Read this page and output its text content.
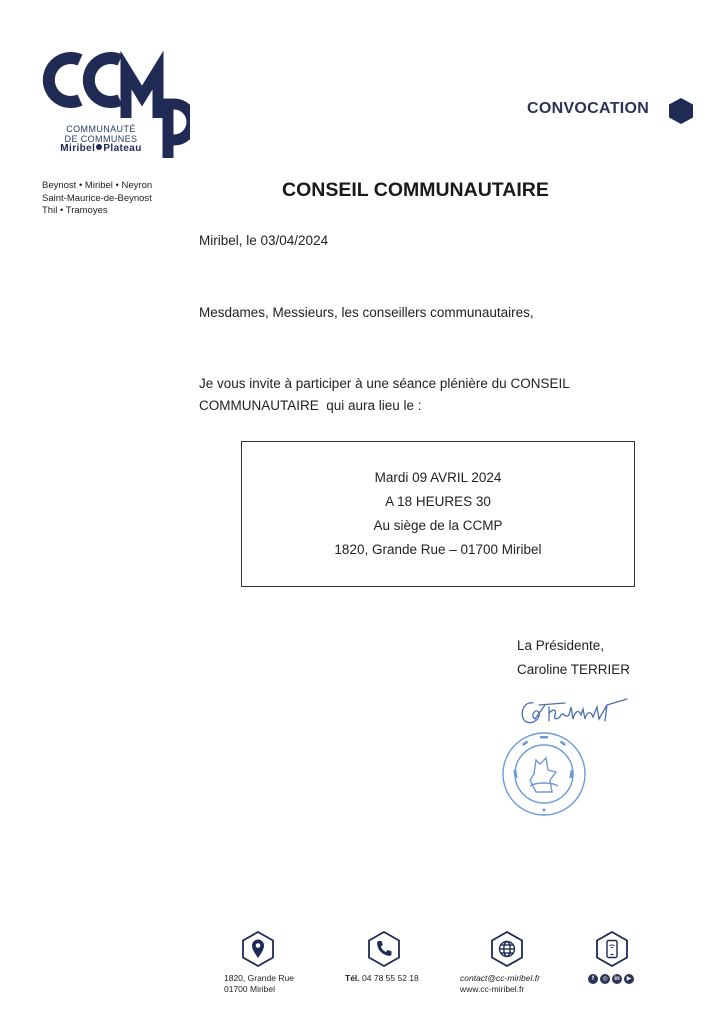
COMMUNAUTÉ
DE COMMUNES
Miribel Plateau
Beynost • Miribel • Neyron
Saint-Maurice-de-Beynost
Thil • Tramoyes
CONVOCATION
CONSEIL COMMUNAUTAIRE
Miribel, le 03/04/2024
Mesdames, Messieurs, les conseillers communautaires,
Je vous invite à participer à une séance plénière du CONSEIL
COMMUNAUTAIRE  qui aura lieu le :
Mardi 09 AVRIL 2024
A 18 HEURES 30
Au siège de la CCMP
1820, Grande Rue – 01700 Miribel
La Présidente,
Caroline TERRIER
1820, Grande Rue
01700 Miribel
Tél. 04 78 55 52 18	contact@cc-miribel.fr
www.cc-miribel.fr
f	◎	in	▶
